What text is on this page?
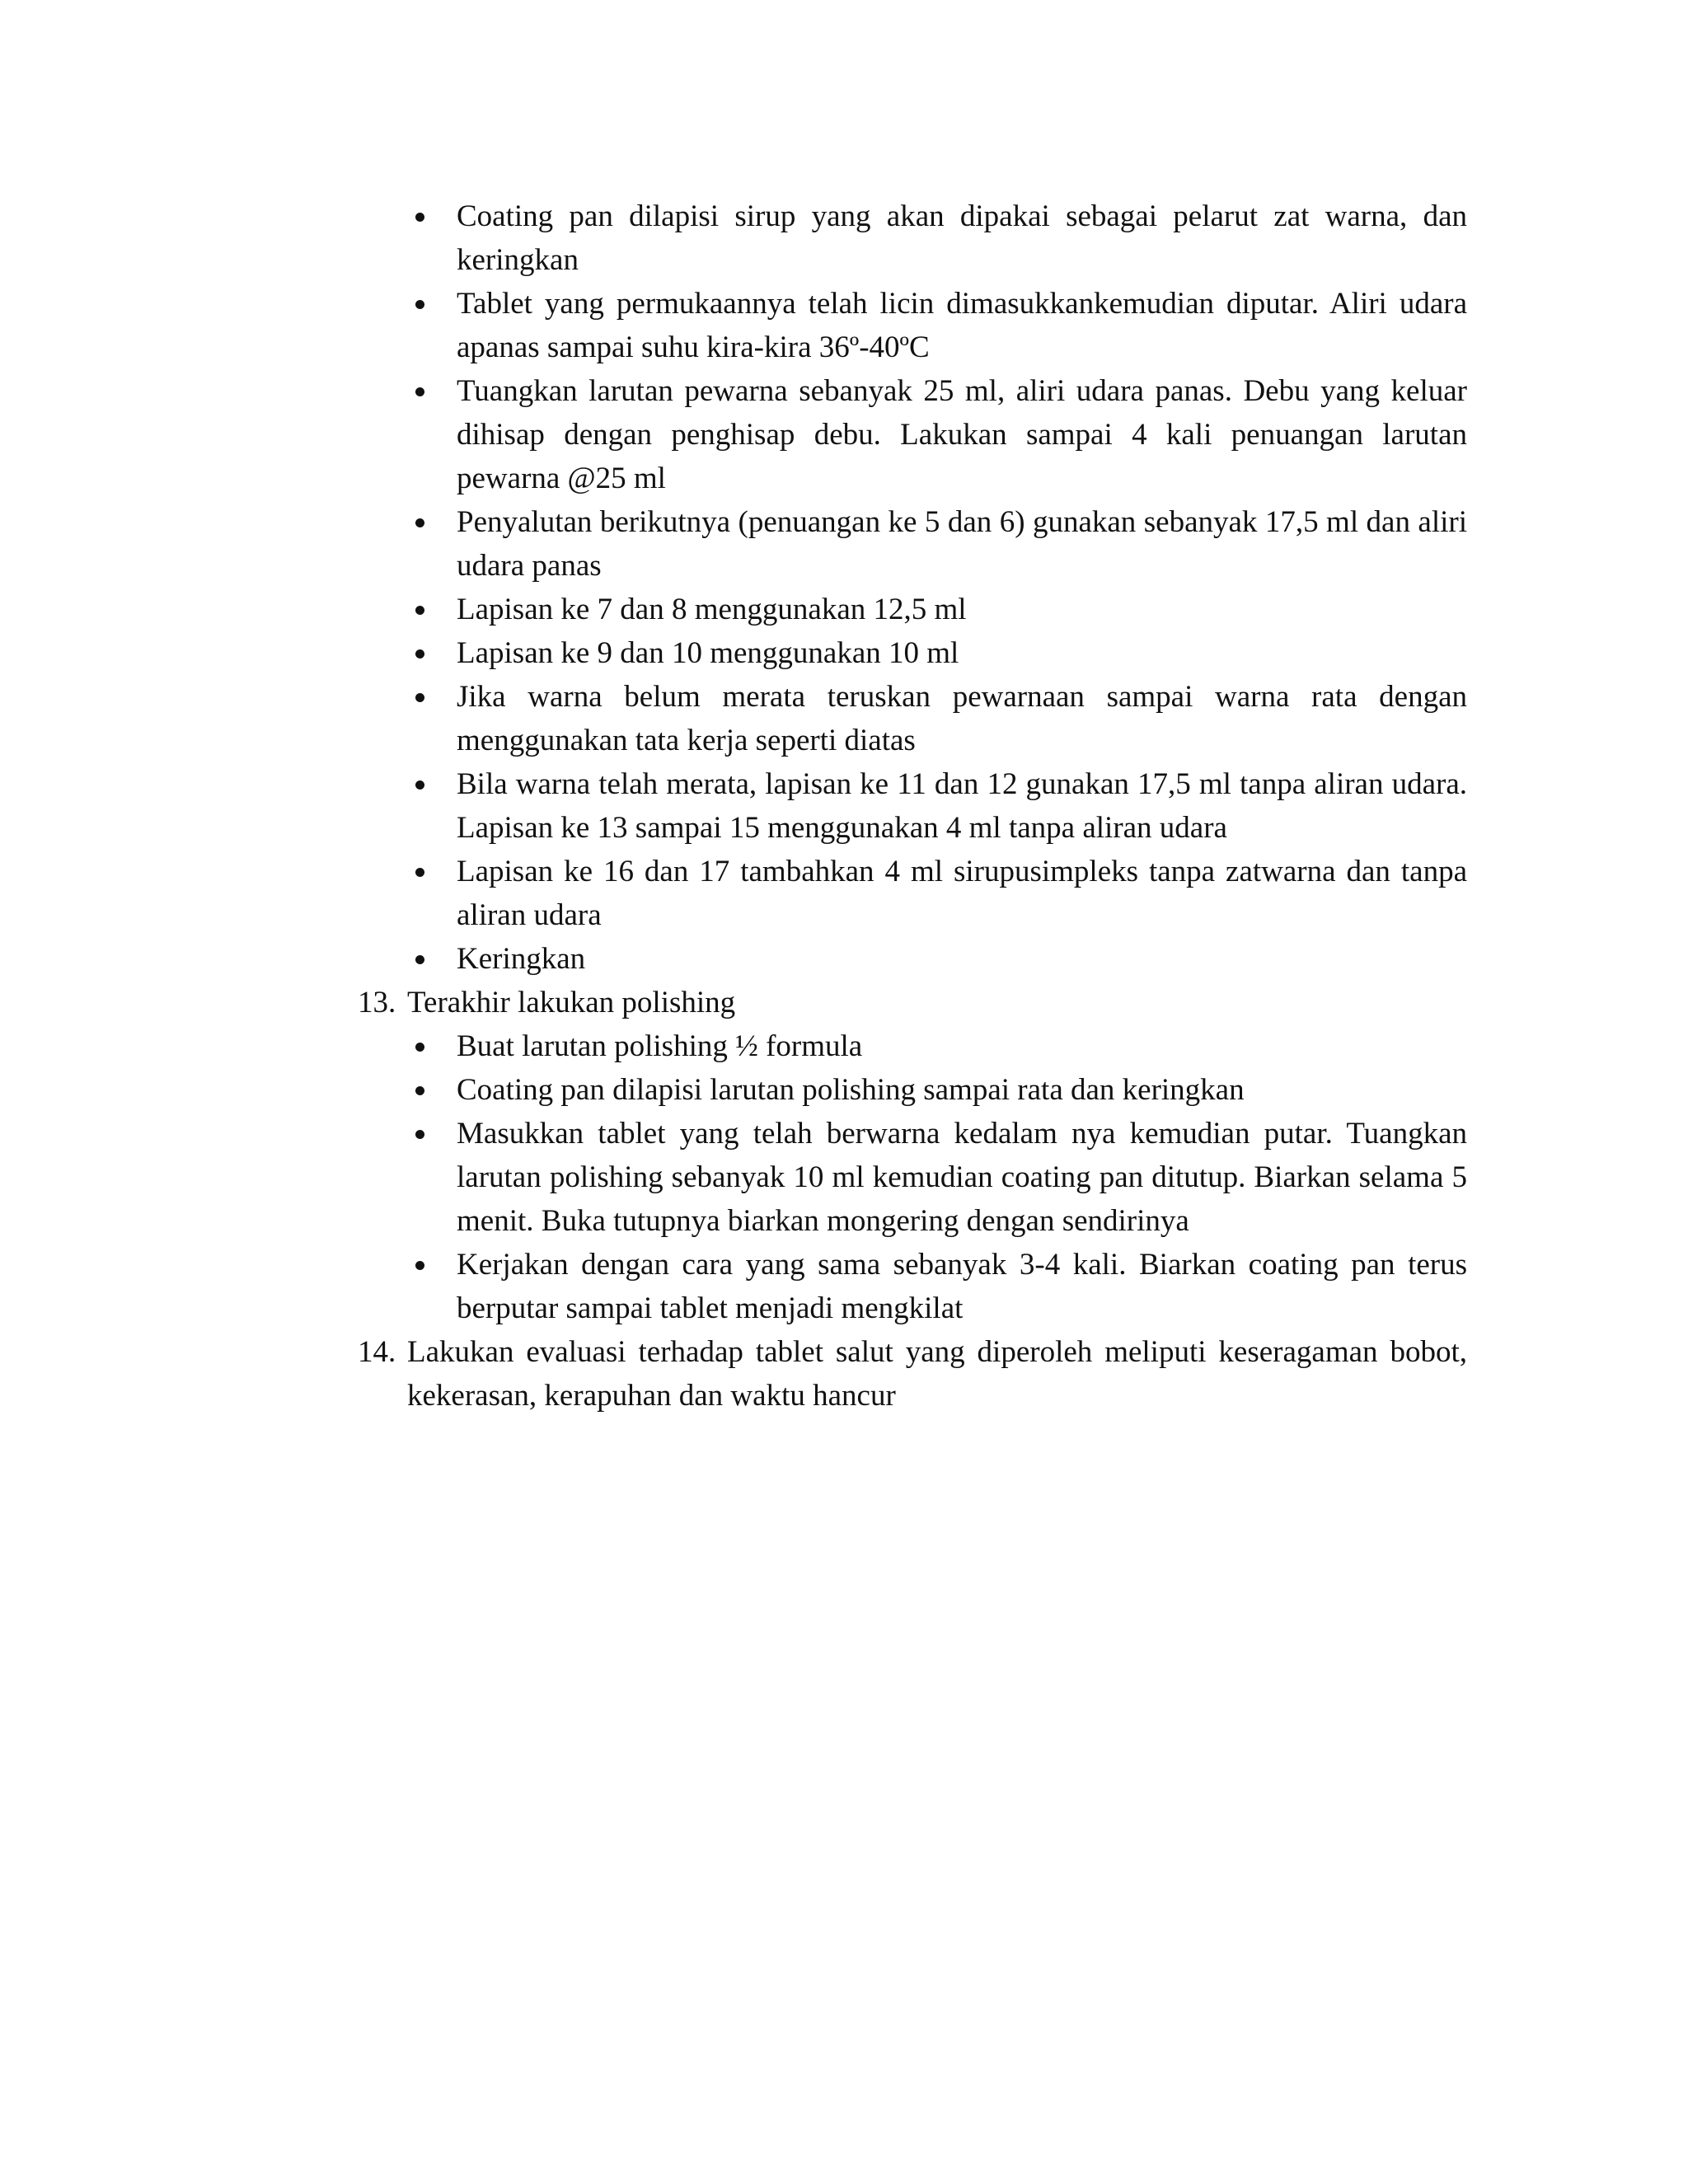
Coating pan dilapisi sirup yang akan dipakai sebagai pelarut zat warna, dan keringkan
Tablet yang permukaannya telah licin dimasukkankemudian diputar. Aliri udara apanas sampai suhu kira-kira 36º-40ºC
Tuangkan larutan pewarna sebanyak 25 ml, aliri udara panas. Debu yang keluar dihisap dengan penghisap debu. Lakukan sampai 4 kali penuangan larutan pewarna @25 ml
Penyalutan berikutnya (penuangan ke 5 dan 6) gunakan sebanyak 17,5 ml dan aliri udara panas
Lapisan ke 7 dan 8 menggunakan 12,5 ml
Lapisan ke 9 dan 10 menggunakan 10 ml
Jika warna belum merata teruskan pewarnaan sampai warna rata dengan menggunakan tata kerja seperti diatas
Bila warna telah merata, lapisan ke 11 dan 12 gunakan 17,5 ml tanpa aliran udara. Lapisan ke 13 sampai 15 menggunakan 4 ml tanpa aliran udara
Lapisan ke 16 dan 17 tambahkan 4 ml sirupusimpleks tanpa zatwarna dan tanpa aliran udara
Keringkan
13. Terakhir lakukan polishing
Buat larutan polishing ½ formula
Coating pan dilapisi larutan polishing sampai rata dan keringkan
Masukkan tablet yang telah berwarna kedalam nya kemudian putar. Tuangkan larutan polishing sebanyak 10 ml kemudian coating pan ditutup. Biarkan selama 5 menit. Buka tutupnya biarkan mongering dengan sendirinya
Kerjakan dengan cara yang sama sebanyak 3-4 kali. Biarkan coating pan terus berputar sampai tablet menjadi mengkilat
14. Lakukan evaluasi terhadap tablet salut yang diperoleh meliputi keseragaman bobot, kekerasan, kerapuhan dan waktu hancur
